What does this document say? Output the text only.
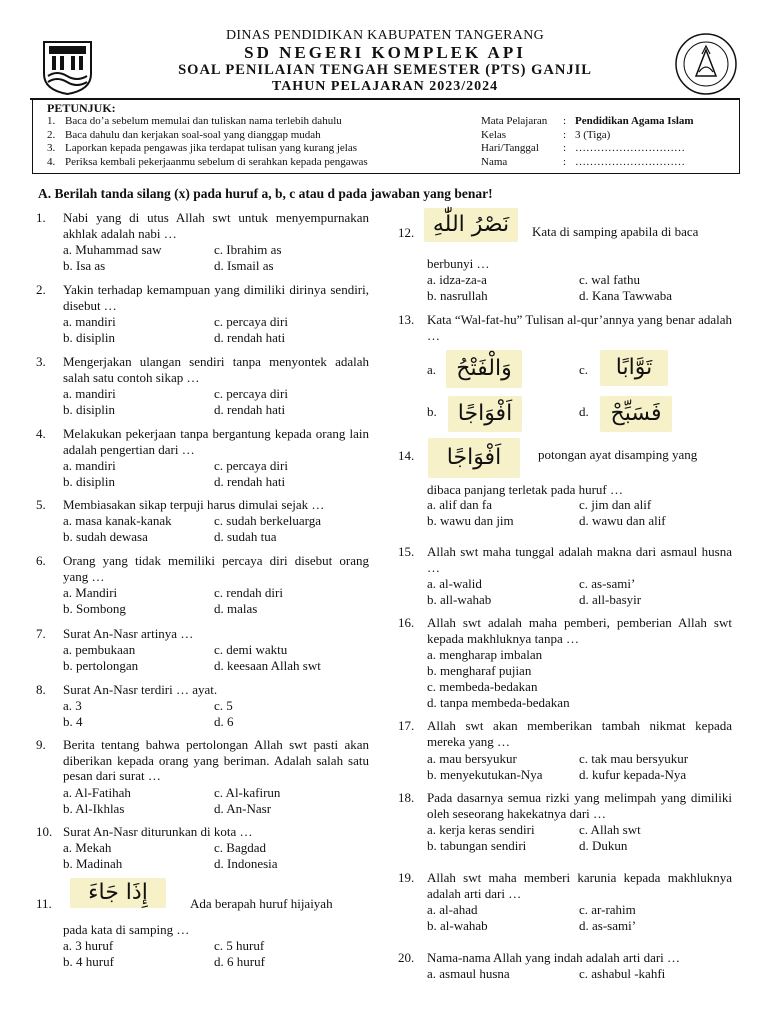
DINAS PENDIDIKAN KABUPATEN TANGERANG
SD NEGERI KOMPLEK API
SOAL PENILAIAN TENGAH SEMESTER (PTS) GANJIL
TAHUN PELAJARAN 2023/2024
PETUNJUK:
1. Baca do’a sebelum memulai dan tuliskan nama terlebih dahulu
2. Baca dahulu dan kerjakan soal-soal yang dianggap mudah
3. Laporkan kepada pengawas jika terdapat tulisan yang kurang jelas
4. Periksa kembali pekerjaanmu sebelum di serahkan kepada pengawas
Mata Pelajaran : Pendidikan Agama Islam
Kelas	: 3 (Tiga)
Hari/Tanggal : …………………………
Nama	: …………………………
A. Berilah tanda silang (x) pada huruf a, b, c atau d pada jawaban yang benar!
1. Nabi yang di utus Allah swt untuk menyempurnakan akhlak adalah nabi …
a. Muhammad saw	c. Ibrahim as
b. Isa as	d. Ismail as
2. Yakin terhadap kemampuan yang dimiliki dirinya sendiri, disebut …
a. mandiri	c. percaya diri
b. disiplin	d. rendah hati
3. Mengerjakan ulangan sendiri tanpa menyontek adalah salah satu contoh sikap …
a. mandiri	c. percaya diri
b. disiplin	d. rendah hati
4. Melakukan pekerjaan tanpa bergantung kepada orang lain adalah pengertian dari …
a. mandiri	c. percaya diri
b. disiplin	d. rendah hati
5. Membiasakan sikap terpuji harus dimulai sejak …
a. masa kanak-kanak	c. sudah berkeluarga
b. sudah dewasa	d. sudah tua
6. Orang yang tidak memiliki percaya diri disebut orang yang …
a. Mandiri	c. rendah diri
b. Sombong	d. malas
7. Surat An-Nasr artinya …
a. pembukaan	c. demi waktu
b. pertolongan	d. keesaan Allah swt
8. Surat An-Nasr terdiri … ayat.
a. 3	c. 5
b. 4	d. 6
9. Berita tentang bahwa pertolongan Allah swt pasti akan diberikan kepada orang yang beriman. Adalah salah satu pesan dari surat …
a. Al-Fatihah	c. Al-kafirun
b. Al-Ikhlas	d. An-Nasr
10. Surat An-Nasr diturunkan di kota …
a. Mekah	c. Bagdad
b. Madinah	d. Indonesia
11.	إِذَا جَاءَ	Ada berapah huruf hijaiyah
pada kata di samping …
a. 3 huruf	c. 5 huruf
b. 4 huruf	d. 6 huruf
12. نَصْرُ اللّٰهِ	Kata di samping apabila di baca
berbunyi …
a. idza-za-a	c. wal fathu
b. nasrullah	d. Kana Tawwaba
13. Kata “Wal-fat-hu” Tulisan al-qur’annya yang benar adalah …
a. وَالْفَتْحُ	c.	تَوَّابًا
b. اَفْوَاجًا	d. فَسَبِّحْ
14.	اَفْوَاجًا	potongan ayat disamping yang
dibaca panjang terletak pada huruf …
a. alif dan fa	c. jim dan alif
b. wawu dan jim	d. wawu dan alif
15. Allah swt maha tunggal adalah makna dari asmaul husna …
a. al-walid	c. as-sami’
b. all-wahab	d. all-basyir
16. Allah swt adalah maha pemberi, pemberian Allah swt kepada makhluknya tanpa …
a. mengharap imbalan
b. mengharaf pujian
c. membeda-bedakan
d. tanpa membeda-bedakan
17. Allah swt akan memberikan tambah nikmat kepada mereka yang …
a. mau bersyukur	c. tak mau bersyukur
b. menyekutukan-Nya	d. kufur kepada-Nya
18. Pada dasarnya semua rizki yang melimpah yang dimiliki oleh seseorang hakekatnya dari …
a. kerja keras sendiri	c. Allah swt
b. tabungan sendiri	d. Dukun
19. Allah swt maha memberi karunia kepada makhluknya adalah arti dari …
a. al-ahad	c. ar-rahim
b. al-wahab	d. as-sami’
20. Nama-nama Allah yang indah adalah arti dari …
a. asmaul husna	c. ashabul -kahfi
